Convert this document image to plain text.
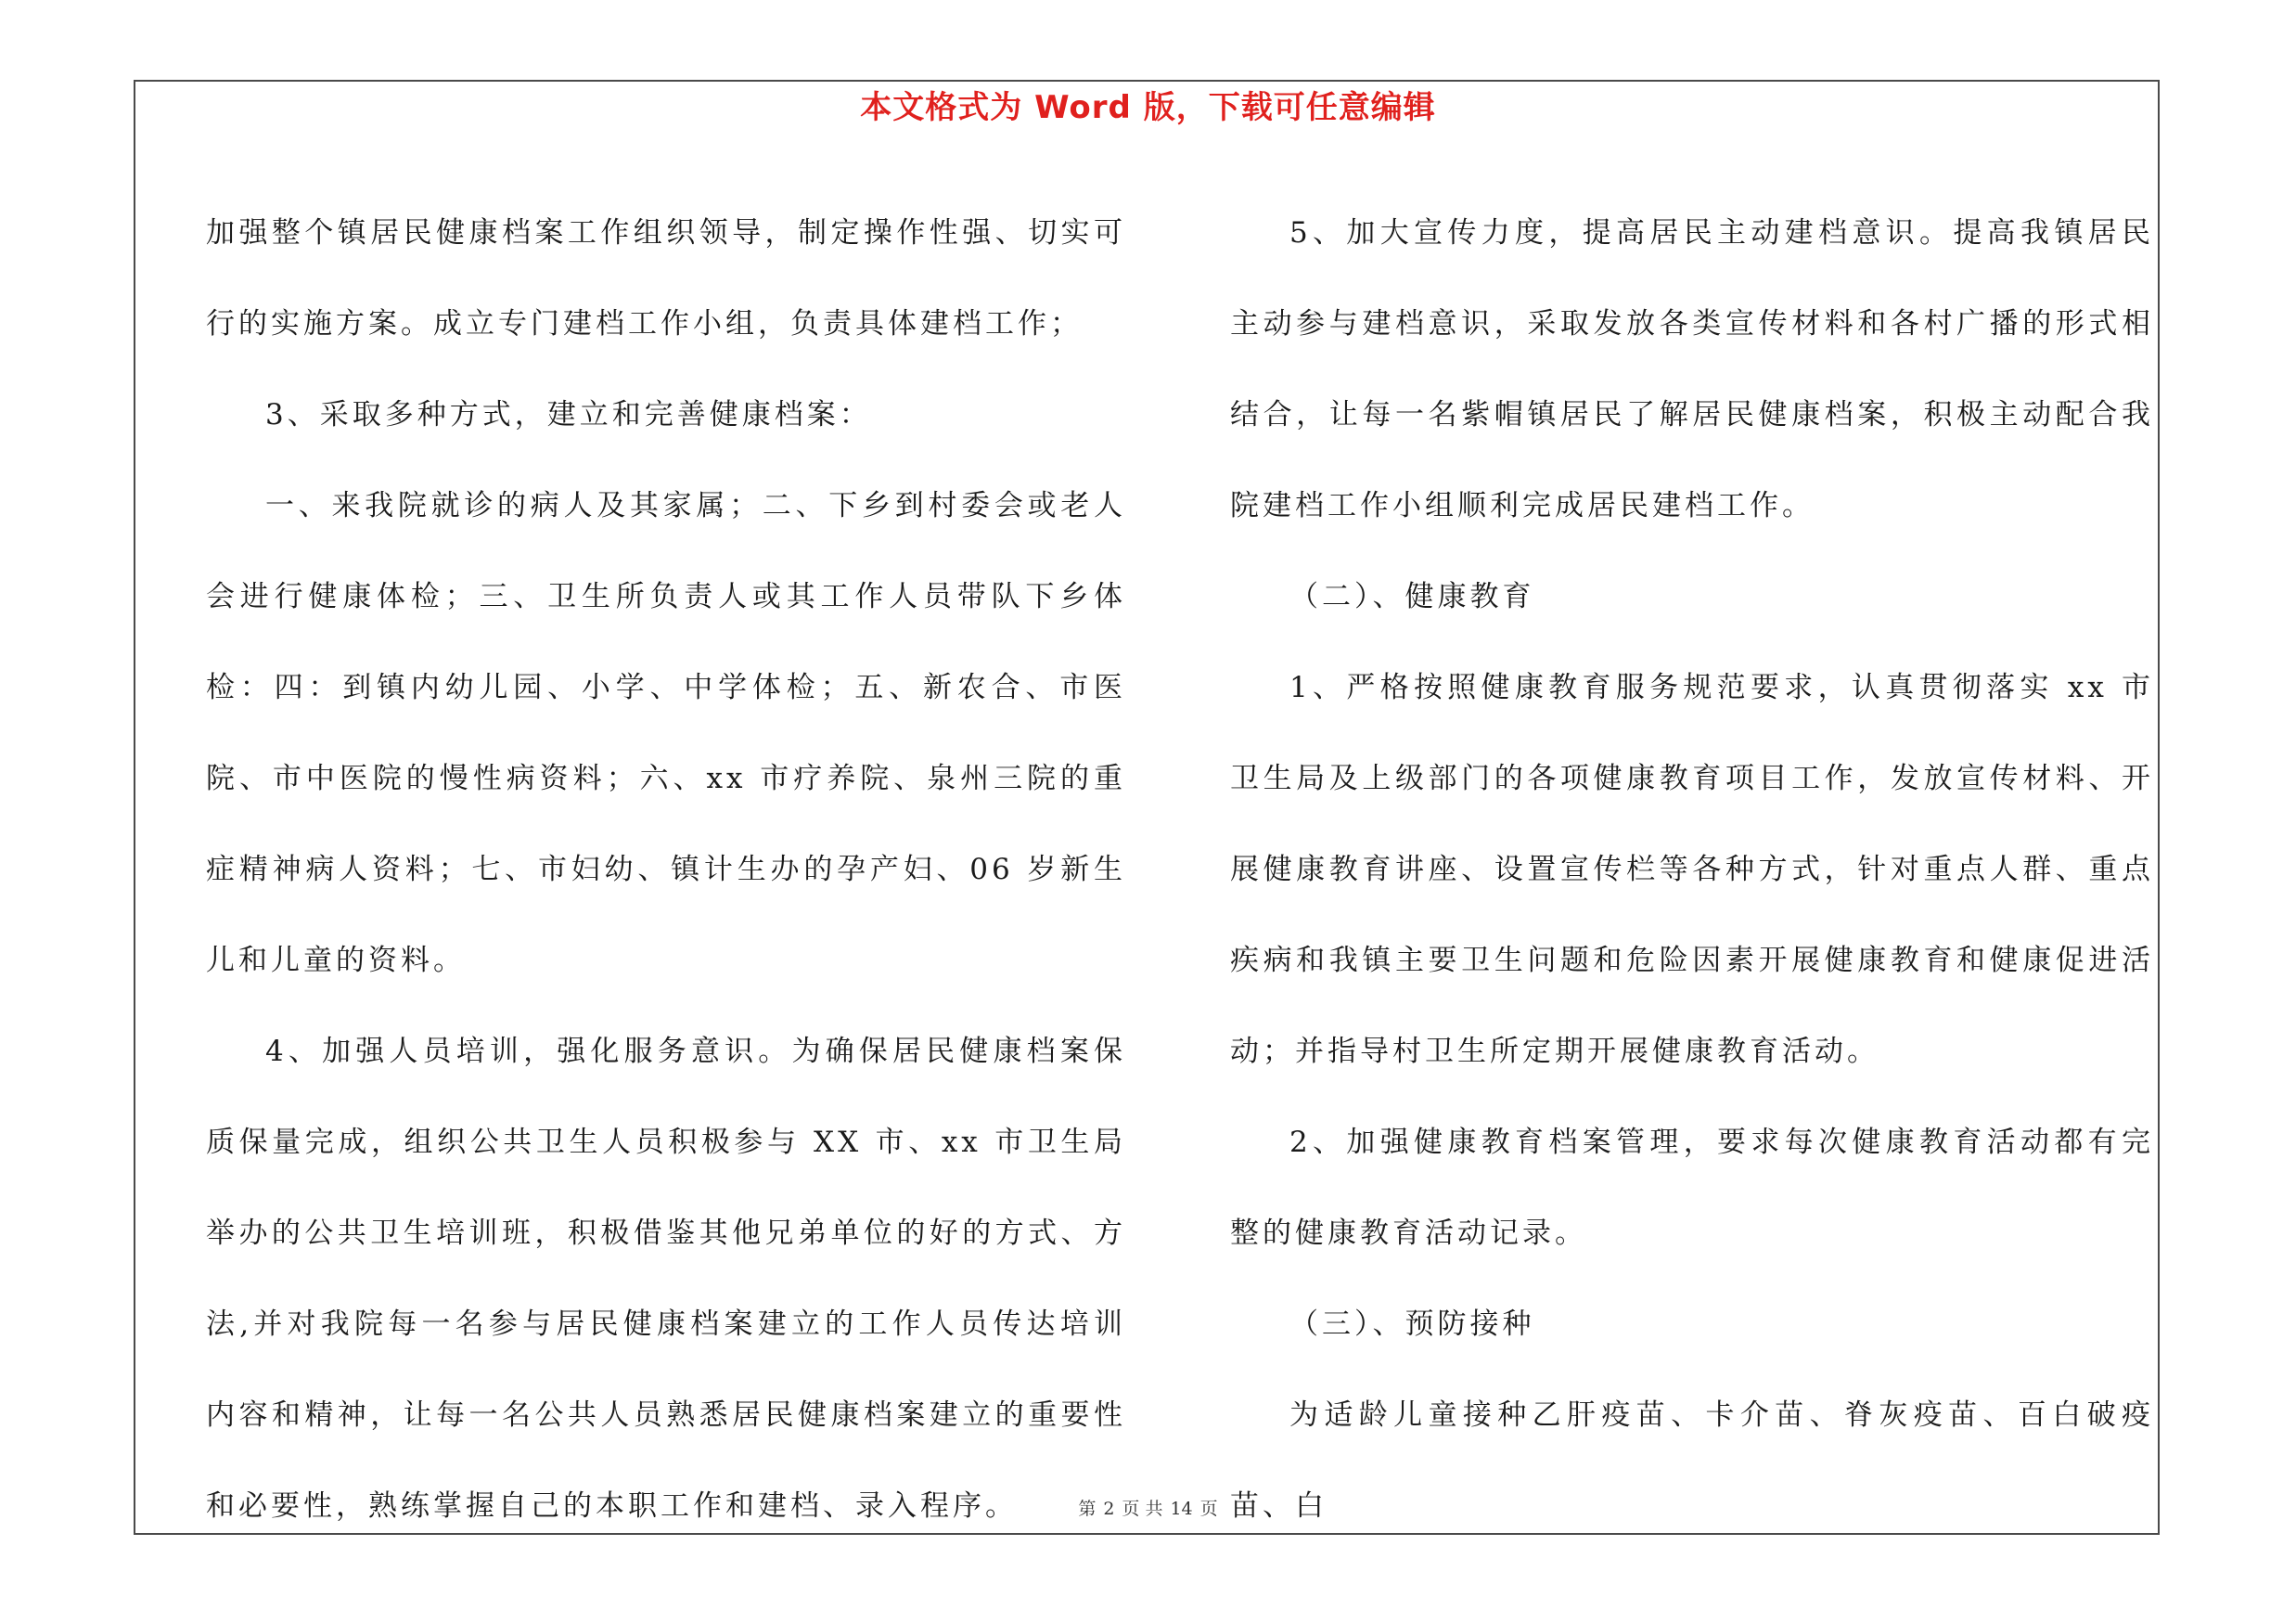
本文格式为 Word 版，下载可任意编辑

加强整个镇居民健康档案工作组织领导，制定操作性强、切实可行的实施方案。成立专门建档工作小组，负责具体建档工作；

3、采取多种方式，建立和完善健康档案：

一、来我院就诊的病人及其家属；二、下乡到村委会或老人会进行健康体检；三、卫生所负责人或其工作人员带队下乡体检：四：到镇内幼儿园、小学、中学体检；五、新农合、市医院、市中医院的慢性病资料；六、xx 市疗养院、泉州三院的重症精神病人资料；七、市妇幼、镇计生办的孕产妇、06 岁新生儿和儿童的资料。

4、加强人员培训，强化服务意识。为确保居民健康档案保质保量完成，组织公共卫生人员积极参与 XX 市、xx 市卫生局举办的公共卫生培训班，积极借鉴其他兄弟单位的好的方式、方法,并对我院每一名参与居民健康档案建立的工作人员传达培训内容和精神，让每一名公共人员熟悉居民健康档案建立的重要性和必要性，熟练掌握自己的本职工作和建档、录入程序。

5、加大宣传力度，提高居民主动建档意识。提高我镇居民主动参与建档意识，采取发放各类宣传材料和各村广播的形式相结合，让每一名紫帽镇居民了解居民健康档案，积极主动配合我院建档工作小组顺利完成居民建档工作。

（二）、健康教育

1、严格按照健康教育服务规范要求，认真贯彻落实 xx 市卫生局及上级部门的各项健康教育项目工作，发放宣传材料、开展健康教育讲座、设置宣传栏等各种方式，针对重点人群、重点疾病和我镇主要卫生问题和危险因素开展健康教育和健康促进活动；并指导村卫生所定期开展健康教育活动。

2、加强健康教育档案管理，要求每次健康教育活动都有完整的健康教育活动记录。

（三）、预防接种

为适龄儿童接种乙肝疫苗、卡介苗、脊灰疫苗、百白破疫苗、白

第 2 页 共 14 页
